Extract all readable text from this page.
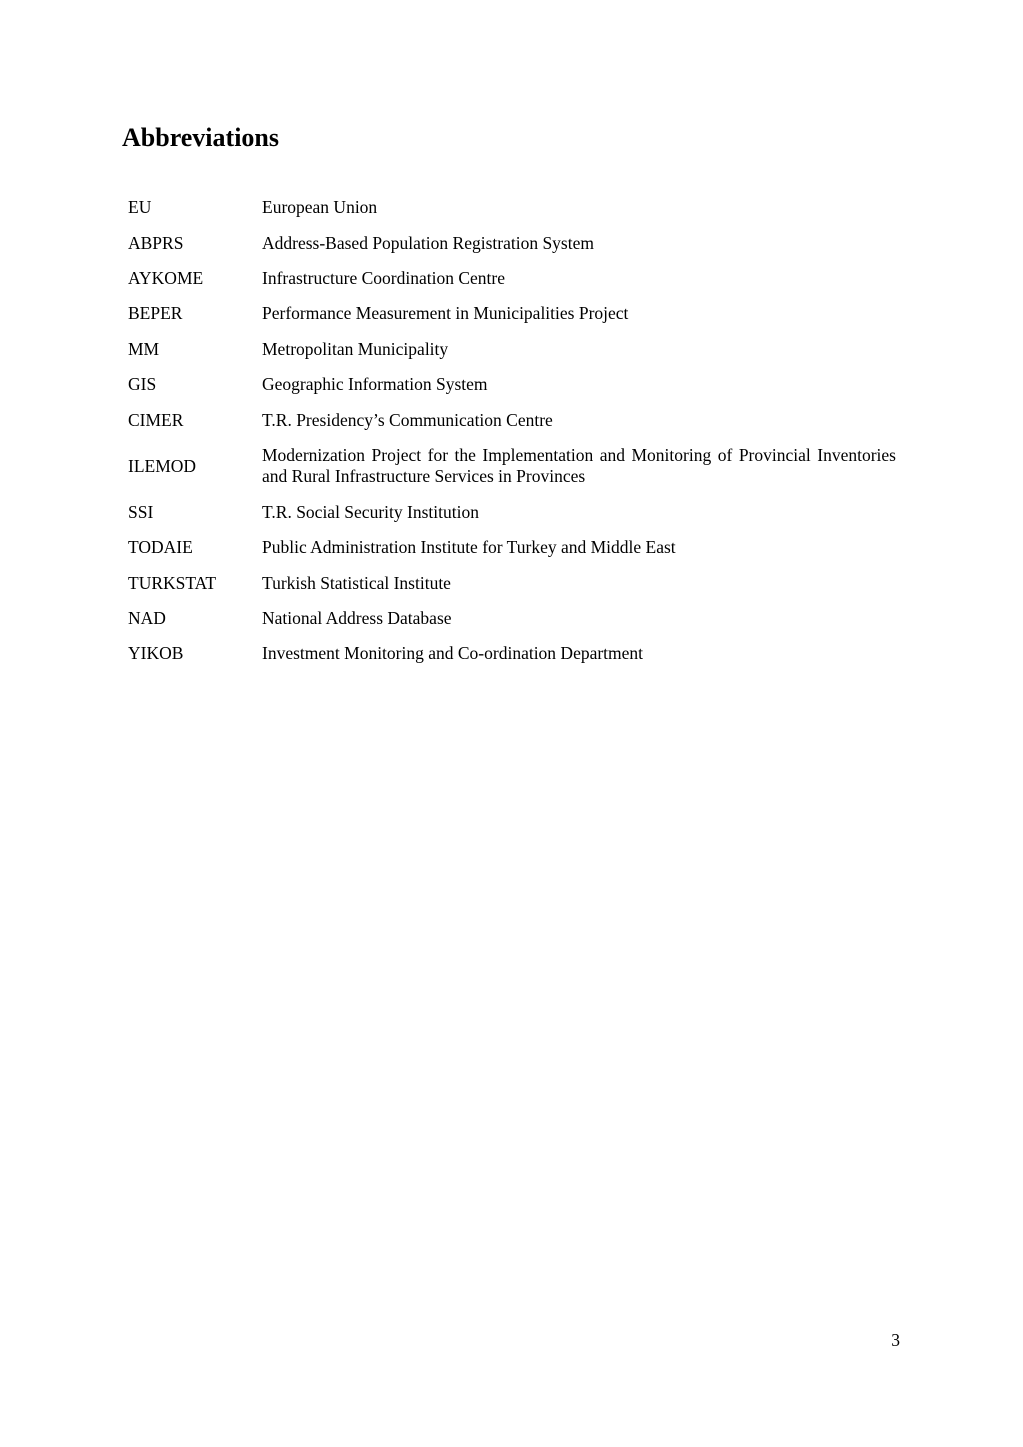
Abbreviations
EU	European Union
ABPRS	Address-Based Population Registration System
AYKOME	Infrastructure Coordination Centre
BEPER	Performance Measurement in Municipalities Project
MM	Metropolitan Municipality
GIS	Geographic Information System
CIMER	T.R. Presidency’s Communication Centre
ILEMOD	Modernization Project for the Implementation and Monitoring of Provincial Inventories and Rural Infrastructure Services in Provinces
SSI	T.R. Social Security Institution
TODAIE	Public Administration Institute for Turkey and Middle East
TURKSTAT	Turkish Statistical Institute
NAD	National Address Database
YIKOB	Investment Monitoring and Co-ordination Department
3
